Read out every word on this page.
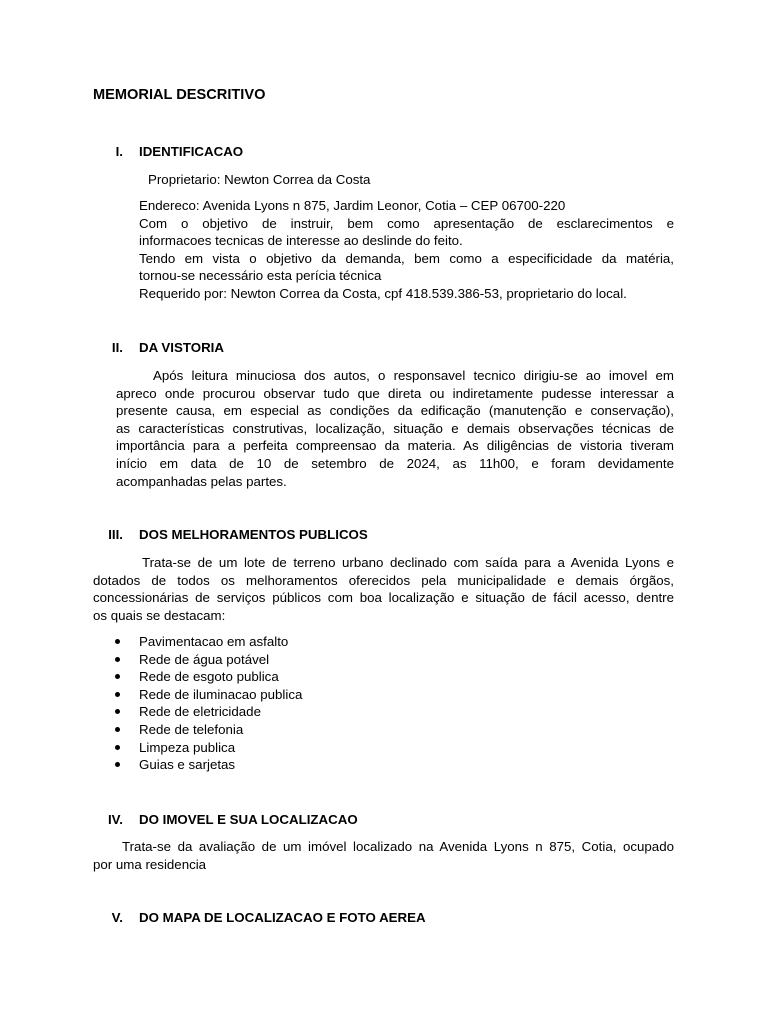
MEMORIAL DESCRITIVO
I. IDENTIFICACAO

Proprietario: Newton Correa da Costa

Endereco: Avenida Lyons n 875, Jardim Leonor, Cotia – CEP 06700-220

Com o objetivo de instruir, bem como apresentação de esclarecimentos e

informacoes tecnicas de interesse ao deslinde do feito.

Tendo em vista o objetivo da demanda, bem como a especificidade da matéria,

tornou-se necessário esta perícia técnica

Requerido por: Newton Correa da Costa, cpf 418.539.386-53, proprietario do local.

II. DA VISTORIA

Após leitura minuciosa dos autos, o responsavel tecnico dirigiu-se ao imovel em

apreco onde procurou observar tudo que direta ou indiretamente pudesse interessar a

presente causa, em especial as condições da edificação (manutenção e conservação),

as características construtivas, localização, situação e demais observações técnicas de

importância para a perfeita compreensao da materia. As diligências de vistoria tiveram

início em data de 10 de setembro de 2024, as 11h00, e foram devidamente

acompanhadas pelas partes.

III. DOS MELHORAMENTOS PUBLICOS

Trata-se de um lote de terreno urbano declinado com saída para a Avenida Lyons e

dotados de todos os melhoramentos oferecidos pela municipalidade e demais órgãos,

concessionárias de serviços públicos com boa localização e situação de fácil acesso, dentre

os quais se destacam:

Pavimentacao em asfalto
Rede de água potável
Rede de esgoto publica
Rede de iluminacao publica
Rede de eletricidade
Rede de telefonia
Limpeza publica
Guias e sarjetas
IV. DO IMOVEL E SUA LOCALIZACAO

Trata-se da avaliação de um imóvel localizado na Avenida Lyons n 875, Cotia, ocupado

por uma residencia

V. DO MAPA DE LOCALIZACAO E FOTO AEREA
